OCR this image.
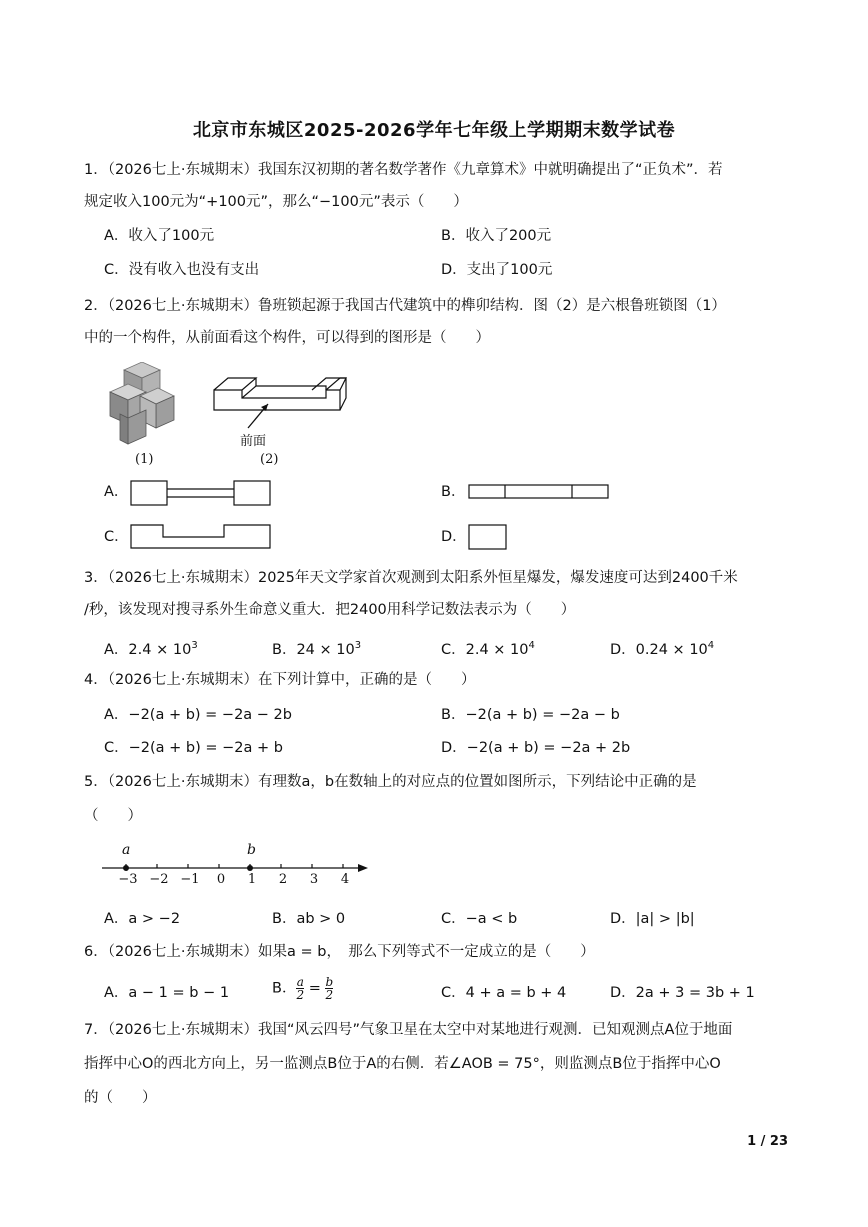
北京市东城区2025-2026学年七年级上学期期末数学试卷
1．（2026七上·东城期末）我国东汉初期的著名数学著作《九章算术》中就明确提出了“正负术”．若
规定收入100元为“+100元”，那么“−100元”表示（　　）
A．收入了100元	B．收入了200元
C．没有收入也没有支出	D．支出了100元
2．（2026七上·东城期末）鲁班锁起源于我国古代建筑中的榫卯结构．图（2）是六根鲁班锁图（1）
中的一个构件，从前面看这个构件，可以得到的图形是（　　）
(1)
前面
(2)
A．	B．
C．	D．
3．（2026七上·东城期末）2025年天文学家首次观测到太阳系外恒星爆发，爆发速度可达到2400千米
/秒，该发现对搜寻系外生命意义重大．把2400用科学记数法表示为（　　）
A．$2.4 \times 10^3$	B．$24 \times 10^3$	C．$2.4 \times 10^4$	D．$0.24 \times 10^4$
4．（2026七上·东城期末）在下列计算中，正确的是（　　）
A．−2(a + b) = −2a − 2b	B．−2(a + b) = −2a − b
C．−2(a + b) = −2a + b	D．−2(a + b) = −2a + 2b
5．（2026七上·东城期末）有理数a，b在数轴上的对应点的位置如图所示，下列结论中正确的是
（　　）
a	b
−3 −2 −1	0	1	2	3	4
A．a > −2	B．ab > 0	C．−a < b	D．|a| > |b|
6．（2026七上·东城期末）如果a = b，　那么下列等式不一定成立的是（　　）
A．a − 1 = b − 1	B． $\frac{a}{2} = \frac{b}{2}$	C．4 + a = b + 4	D．2a + 3 = 3b + 1
7．（2026七上·东城期末）我国“风云四号”气象卫星在太空中对某地进行观测．已知观测点A位于地面
指挥中心O的西北方向上，另一监测点B位于A的右侧．若∠AOB = 75°，则监测点B位于指挥中心O
的（　　）
1 / 23
